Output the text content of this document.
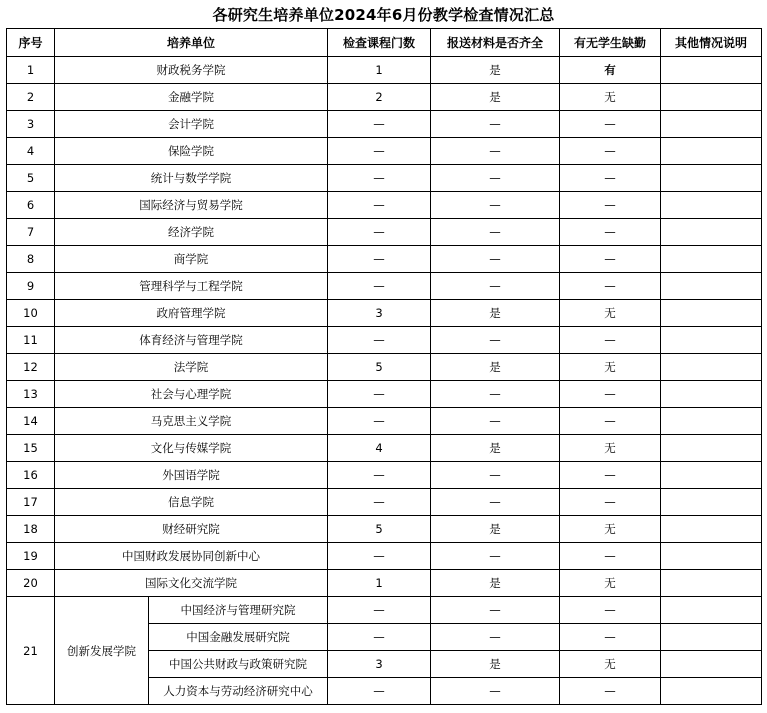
各研究生培养单位2024年6月份教学检查情况汇总
序号	培养单位		检查课程门数	报送材料是否齐全	有无学生缺勤	其他情况说明
1	财政税务学院		1	是	有	
2	金融学院		2	是	无	
3	会计学院		—	—	—	
4	保险学院		—	—	—	
5	统计与数学学院		—	—	—	
6	国际经济与贸易学院		—	—	—	
7	经济学院		—	—	—	
8	商学院		—	—	—	
9	管理科学与工程学院		—	—	—	
10	政府管理学院		3	是	无	
11	体育经济与管理学院		—	—	—	
12	法学院		5	是	无	
13	社会与心理学院		—	—	—	
14	马克思主义学院		—	—	—	
15	文化与传媒学院		4	是	无	
16	外国语学院		—	—	—	
17	信息学院		—	—	—	
18	财经研究院		5	是	无	
19	中国财政发展协同创新中心		—	—	—	
20	国际文化交流学院		1	是	无	
21	创新发展学院	中国经济与管理研究院	—	—	—	
		中国金融发展研究院	—	—	—	
		中国公共财政与政策研究院	3	是	无	
		人力资本与劳动经济研究中心	—	—	—	
